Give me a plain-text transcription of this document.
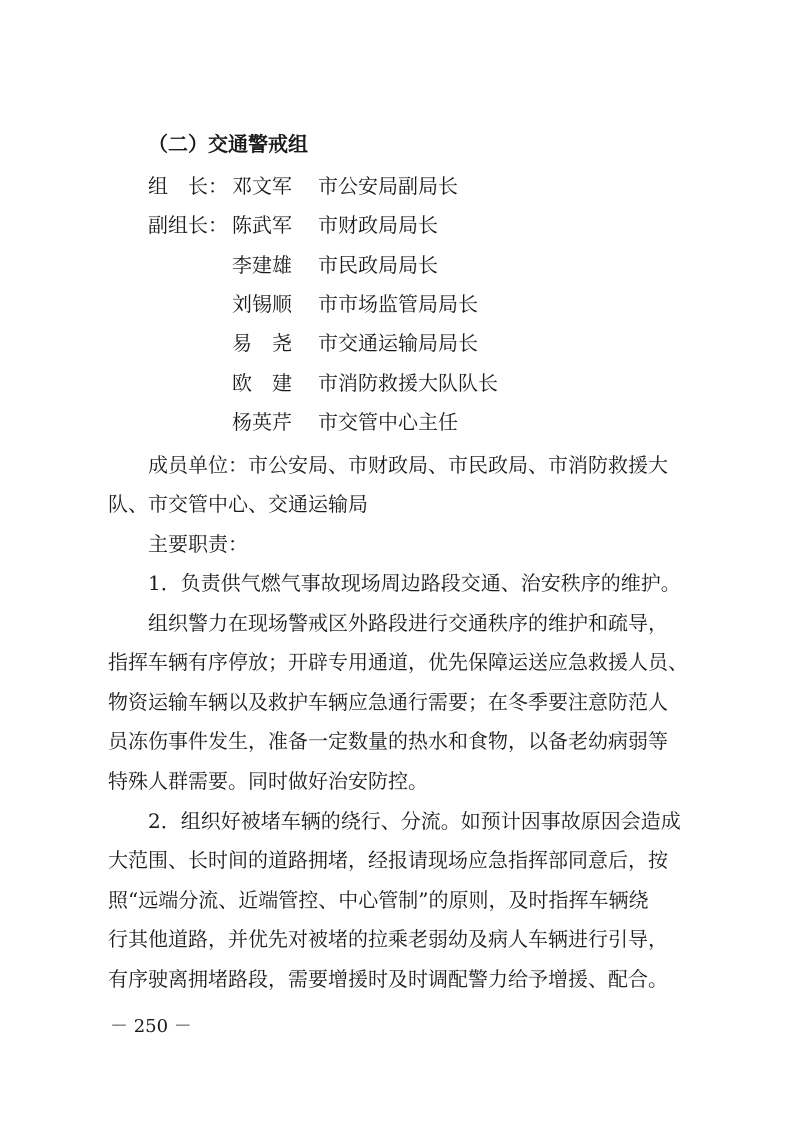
（二）交通警戒组
组　长： 邓文军 市公安局副局长
副组长： 陈武军 市财政局局长
李建雄 市民政局局长
刘锡顺 市市场监管局局长
易　尧 市交通运输局局长
欧　建 市消防救援大队队长
杨英芹 市交管中心主任
成员单位：市公安局、市财政局、市民政局、市消防救援大
队、市交管中心、交通运输局
主要职责：
1．负责供气燃气事故现场周边路段交通、治安秩序的维护。
组织警力在现场警戒区外路段进行交通秩序的维护和疏导，
指挥车辆有序停放；开辟专用通道，优先保障运送应急救援人员、
物资运输车辆以及救护车辆应急通行需要；在冬季要注意防范人
员冻伤事件发生，准备一定数量的热水和食物，以备老幼病弱等
特殊人群需要。同时做好治安防控。
2．组织好被堵车辆的绕行、分流。如预计因事故原因会造成
大范围、长时间的道路拥堵，经报请现场应急指挥部同意后，按
照“远端分流、近端管控、中心管制”的原则，及时指挥车辆绕
行其他道路，并优先对被堵的拉乘老弱幼及病人车辆进行引导，
有序驶离拥堵路段，需要增援时及时调配警力给予增援、配合。
－ 250 －
